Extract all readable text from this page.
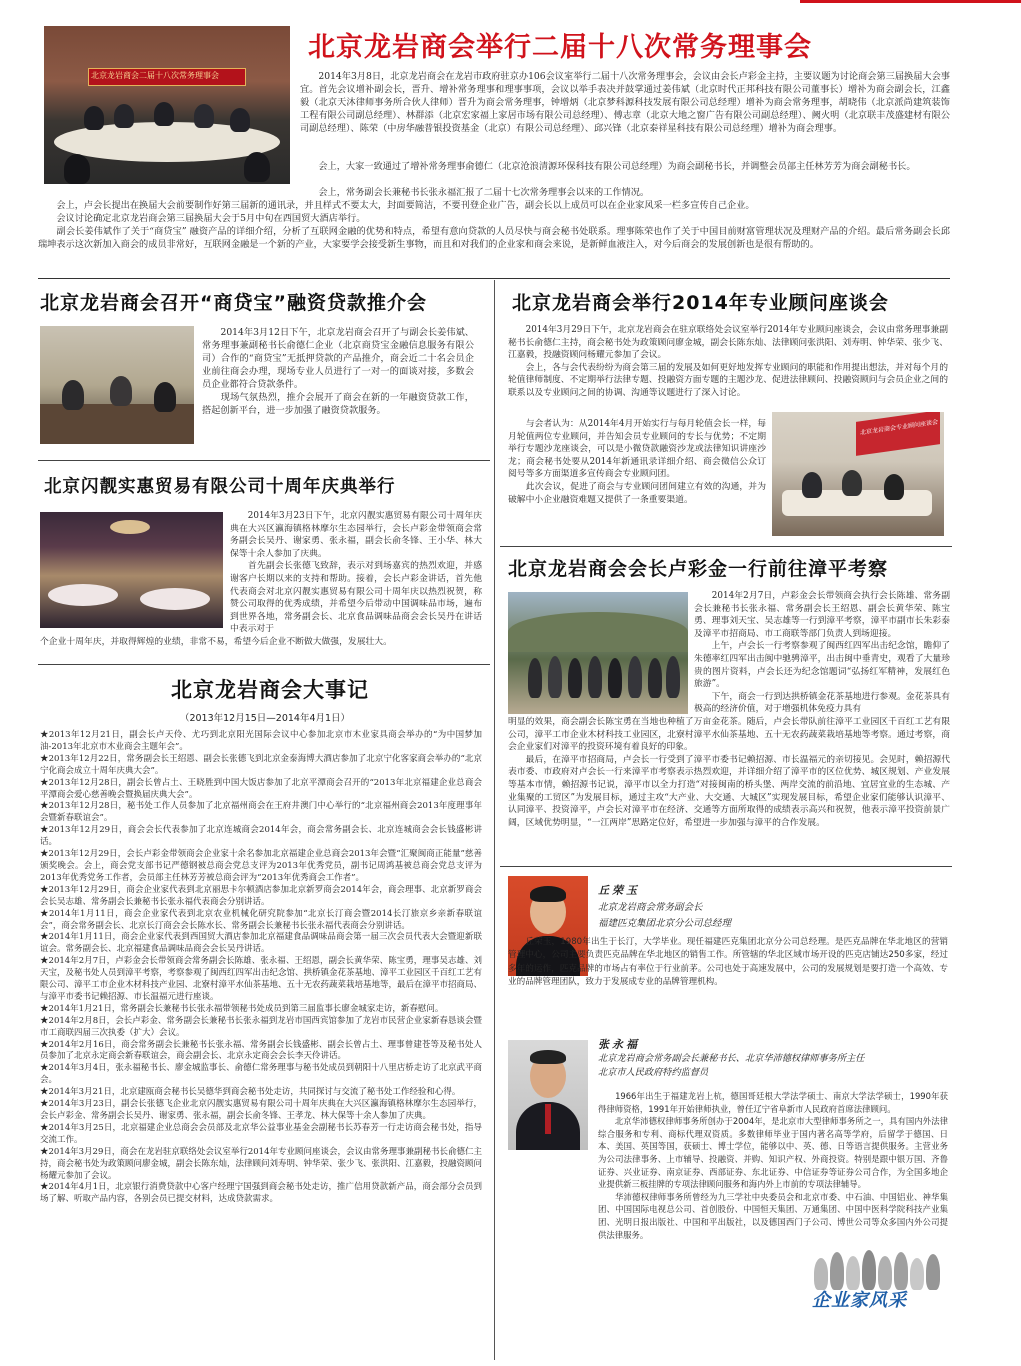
北京龙岩商会二届十八次常务理事会
北京龙岩商会举行二届十八次常务理事会

　　2014年3月8日，北京龙岩商会在龙岩市政府驻京办106会议室举行二届十八次常务理事会，会议由会长卢彩金主持，主要议题为讨论商会第三届换届大会事宜。首先会议增补副会长，晋升、增补常务理事和理事事项，会议以举手表决并鼓掌通过姜伟斌（北京时代正邦科技有限公司董事长）增补为商会副会长，江鑫毅（北京天沐律师事务所合伙人律师）晋升为商会常务理事，钟增炳（北京梦科源科技发展有限公司总经理）增补为商会常务理事，胡晓伟（北京派尚建筑装饰工程有限公司副总经理）、林群添（北京宏家福上家居市场有限公司总经理）、傅志章（北京大地之窗广告有限公司副总经理）、阙火明（北京联丰茂盛建材有限公司副总经理）、陈荣（中房华融普银投资基金（北京）有限公司总经理）、邱兴锋（北京泰祥星科技有限公司总经理）增补为商会理事。

　　会上，大家一致通过了增补常务理事俞德仁（北京沧浪清源环保科技有限公司总经理）为商会副秘书长，并调整会员部主任林芳芳为商会副秘书长。

　　会上，常务副会长兼秘书长张永福汇报了二届十七次常务理事会以来的工作情况。

　　会上，卢会长提出在换届大会前要制作好第三届新的通讯录，并且样式不要太大，封面要简洁，不要刊登企业广告，副会长以上成员可以在企业家风采一栏多宣传自己企业。
　　会议讨论确定北京龙岩商会第三届换届大会于5月中旬在西国贸大酒店举行。
　　副会长姜伟斌作了关于“商贷宝” 融资产品的详细介绍，分析了互联网金融的优势和特点，希望有意向贷款的人员尽快与商会秘书处联系。理事陈荣也作了关于中国目前财富管理状况及理财产品的介绍。最后常务副会长邱瑞坤表示这次新加入商会的成员非常好，互联网金融是一个新的产业，大家要学会接受新生事物，而且和对我们的企业家和商会来说，是新鲜血液注入，对今后商会的发展创新也是很有帮助的。

北京龙岩商会召开“商贷宝”融资贷款推介会

　　2014年3月12日下午，北京龙岩商会召开了与副会长姜伟斌、常务理事兼副秘书长俞德仁企业（北京商贷宝金融信息服务有限公司）合作的“商贷宝”无抵押贷款的产品推介，商会近二十名会员企业前往商会办理，现场专业人员进行了一对一的面谈对接，多数会员企业都符合贷款条件。
　　现场气氛热烈，推介会展开了商会在新的一年融资贷款工作，搭起创新平台，进一步加强了融资贷款服务。

北京闪靓实惠贸易有限公司十周年庆典举行

　　2014年3月23日下午，北京闪靓实惠贸易有限公司十周年庆典在大兴区瀛海镇格林摩尔生态园举行，会长卢彩金带领商会常务副会长吴丹、谢家勇、张永福，副会长俞冬锋、王小华、林大保等十余人参加了庆典。
　　首先副会长张德飞致辞，表示对到场嘉宾的热烈欢迎，并感谢客户长期以来的支持和帮助。接着，会长卢彩金讲话，首先他代表商会对北京闪靓实惠贸易有限公司十周年庆以热烈祝贺，称赞公司取得的优秀成绩，并希望今后带动中国调味品市场，遍布到世界各地，常务副会长、北京食品调味品商会会长吴丹在讲话中表示对于

个企业十周年庆，并取得辉煌的业绩，非常不易，希望今后企业不断做大做强，发展壮大。

北京龙岩商会大事记
（2013年12月15日—2014年4月1日）

★2013年12月21日，副会长卢天伶、尤巧到北京阳光国际会议中心参加北京市木业家具商会举办的“为中国梦加油-2013年北京市木业商会主题年会”。
★2013年12月22日，常务副会长王绍恩、副会长张德飞到北京金泰海博大酒店参加了北京宁化客家商会举办的“北京宁化商会成立十周年庆典大会”。
★2013年12月28日，副会长曾占土、王晓胜到中国大饭店参加了北京平潭商会召开的“2013年北京福建企业总商会平潭商会爱心慈善晚会暨换届庆典大会”。
★2013年12月28日，秘书处工作人员参加了北京福州商会在王府井澳门中心举行的“北京福州商会2013年度理事年会暨新春联谊会”。
★2013年12月29日，商会会长代表参加了北京连城商会2014年会，商会常务副会长、北京连城商会会长钱盛彬讲话。
★2013年12月29日，会长卢彩金带领商会企业家十余名参加北京福建企业总商会2013年会暨“汇聚闽商正能量”慈善颁奖晚会。会上，商会党支部书记严德钢被总商会党总支评为2013年优秀党员，副书记周鸿基被总商会党总支评为2013年优秀党务工作者，会员部主任林芳芳被总商会评为“2013年优秀商会工作者”。
★2013年12月29日，商会企业家代表到北京丽思卡尔顿酒店参加北京新罗商会2014年会，商会理事、北京新罗商会会长吴志雄、常务副会长兼秘书长张永福代表商会分别讲话。
★2014年1月11日，商会企业家代表到北京农业机械化研究院参加“北京长汀商会暨2014长汀旅京乡亲新春联谊会”，商会常务副会长、北京长汀商会会长陈水长、常务副会长兼秘书长张永福代表商会分别讲话。
★2014年1月11日，商会企业家代表到西国贸大酒店参加北京福建食品调味品商会第一届三次会员代表大会暨迎新联谊会。常务副会长、北京福建食品调味品商会会长吴丹讲话。
★2014年2月7日，卢彩金会长带领商会常务副会长陈雄、张永福、王绍恩，副会长黄华荣、陈宝勇，理事吴志雄、刘天宝，及秘书处人员到漳平考察，考察参观了闽西红四军出击纪念馆、拱桥镇金花茶基地、漳平工业园区千百红工艺有限公司、漳平工市企业木材科技产业园、北寮村漳平水仙茶基地、五十无农药蔬菜栽培基地等，最后在漳平市招商局、与漳平市委书记赖招源、市长温福元进行座谈。
★2014年1月21日，常务副会长兼秘书长张永福带领秘书处成员到第三届监事长廖金城家走访，新春慰问。
★2014年2月8日，会长卢彩金、常务副会长兼秘书长张永福到龙岩市国西宾馆参加了龙岩市民营企业家新春恳谈会暨市工商联四届三次执委（扩大）会议。
★2014年2月16日，商会常务副会长兼秘书长张永福、常务副会长钱盛彬、副会长曾占土、理事曾建苍等及秘书处人员参加了北京永定商会新春联谊会，商会副会长、北京永定商会会长李天伶讲话。
★2014年3月4日，张永福秘书长、廖金城监事长、俞德仁常务理事与秘书处成员到朝阳十八里店桥走访了北京武平商会。
★2014年3月21日，北京建瓯商会秘书长吴德华到商会秘书处走访，共同探讨与交流了秘书处工作经验和心得。
★2014年3月23日，副会长张德飞企业北京闪靓实惠贸易有限公司十周年庆典在大兴区瀛海镇格林摩尔生态园举行，会长卢彩金、常务副会长吴丹、谢家勇、张永福，副会长俞冬锋、王孝龙、林大保等十余人参加了庆典。
★2014年3月25日，北京福建企业总商会会员部及北京华公益事业基金会副秘书长苏春芳一行走访商会秘书处，指导交流工作。
★2014年3月29日，商会在龙岩驻京联络处会议室举行2014年专业顾问座谈会，会议由常务理事兼副秘书长俞德仁主持，商会秘书处为政策顾问廖金城，副会长陈东灿，法律顾问刘寿明、钟华荣、张少飞、张洪阳、江嘉毅，投融资顾问杨耀元参加了会议。
★2014年4月1日，北京银行消费贷款中心客户经理宁国强到商会秘书处走访，推广信用贷款新产品，商会部分会员到场了解、听取产品内容，各别会员已提交材料，达成贷款需求。

北京龙岩商会举行2014年专业顾问座谈会

　　2014年3月29日下午，北京龙岩商会在驻京联络处会议室举行2014年专业顾问座谈会，会议由常务理事兼副秘书长俞德仁主持，商会秘书处为政策顾问廖金城，副会长陈东灿、法律顾问张洪阳、刘寿明、钟华荣、张少飞、江嘉毅，投融资顾问杨耀元参加了会议。
　　会上，各与会代表纷纷为商会第三届的发展及如何更好地发挥专业顾问的职能和作用提出想法，并对每个月的轮值律师制度、不定期举行法律专题、投融资方面专题的主题沙龙、促进法律顾问、投融资顾问与会员企业之间的联系以及专业顾问之间的协调、沟通等议题进行了深入讨论。

　　与会者认为：从2014年4月开始实行与每月轮值会长一样，每月轮值两位专业顾问，并告知会员专业顾问的专长与优势；不定期举行专题沙龙座谈会，可以是小微贷款融资沙龙或法律知识讲座沙龙；商会秘书处要从2014年新通讯录详细介绍、商会微信公众订阅号等多方面渠道多宣传商会专业顾问团。
　　此次会议，促进了商会与专业顾问团间建立有效的沟通，并为破解中小企业融资难题又提供了一条重要渠道。

北京龙岩商会专业顾问座谈会
北京龙岩商会会长卢彩金一行前往漳平考察

　　2014年2月7日，卢彩金会长带领商会执行会长陈雄、常务副会长兼秘书长张永福、常务副会长王绍恩、副会长黄华荣、陈宝勇、理事刘天宝、吴志雄等一行到漳平考察，漳平市副市长朱彩泰及漳平市招商局、市工商联等部门负责人到场迎接。
　　上午，卢会长一行考察参观了闽西红四军出击纪念馆，瞻仰了朱德率红四军出击闽中驰骋漳平，出击闽中垂青史，观看了大量珍贵的图片资料，卢会长还为纪念馆题词“弘扬红军精神，发展红色旅游”。
　　下午，商会一行到达拱桥镇金花茶基地进行参观。金花茶具有极高的经济价值，对于增强机体免疫力具有

明显的效果，商会副会长陈宝勇在当地也种植了万亩金花茶。随后，卢会长带队前往漳平工业园区千百红工艺有限公司，漳平工市企业木材科技工业园区，北寮村漳平水仙茶基地、五十无农药蔬菜栽培基地等考察。通过考察，商会企业家们对漳平的投资环境有着良好的印象。
　　最后，在漳平市招商局，卢会长一行受到了漳平市委书记赖招源、市长温福元的亲切接见。会见时，赖招源代表市委、市政府对卢会长一行来漳平市考察表示热烈欢迎，并详细介绍了漳平市的区位优势、城区规划、产业发展等基本市情，赖招源书记说，漳平市以全力打造“对接闽南的桥头堡、两岸交流的前沿地、宜居宜业的生态城、产业集聚的工贸区”为发展目标，通过主攻“大产业、大交通、大城区”实现发展目标，希望企业家们能够认识漳平、认同漳平、投资漳平，卢会长对漳平市在经济、交通等方面所取得的成绩表示高兴和祝贺，他表示漳平投资前景广阔，区域优势明显，“一江两岸”思路定位好，希望进一步加强与漳平的合作发展。

丘荣玉
北京龙岩商会常务副会长
福建匹克集团北京分公司总经理

　　丘荣玉，1980年出生于长汀，大学毕业。现任福建匹克集团北京分公司总经理。是匹克品牌在华北地区的营销管理中心，公司主要负责匹克品牌在华北地区的销售工作。所管辖的华北区域市场开设的匹克店铺达250多家，经过多年的运作，匹克品牌的市场占有率位于行业前茅。公司也处于高速发展中，公司的发展规划是要打造一个高效、专业的品牌管理团队，致力于发展成专业的品牌管理机构。

张永福
北京龙岩商会常务副会长兼秘书长、北京华沛德权律师事务所主任
北京市人民政府特约监督员

　　1966年出生于福建龙岩上杭，德国哥廷根大学法学硕士、南京大学法学硕士，1990年获得律师资格，1991年开始律师执业，曾任辽宁省阜新市人民政府首席法律顾问。
　　北京华沛德权律师事务所创办于2004年，是北京市大型律师事务所之一，具有国内外法律综合服务和专利、商标代理双资质。多数律师毕业于国内著名高等学府，后留学于德国、日本、美国、英国等国，获硕士、博士学位，能够以中、英、德、日等语言提供服务。主营业务为公司法律事务、上市辅导、投融资、并购、知识产权、外商投资。特别是跟中银万国、齐鲁证券、兴业证券、南京证券、西部证券、东北证券、中信证券等证券公司合作，为全国多地企业提供新三板挂牌的专项法律顾问服务和海内外上市前的专项法律辅导。
　　华沛德权律师事务所曾经为九三学社中央委员会和北京市委、中石油、中国铝业、神华集团、中国国际电视总公司、首创股份、中国恒天集团、万通集团、中国中医科学院科技产业集团、光明日报出版社、中国和平出版社，以及德国西门子公司、博世公司等众多国内外公司提供法律服务。

企业家风采
